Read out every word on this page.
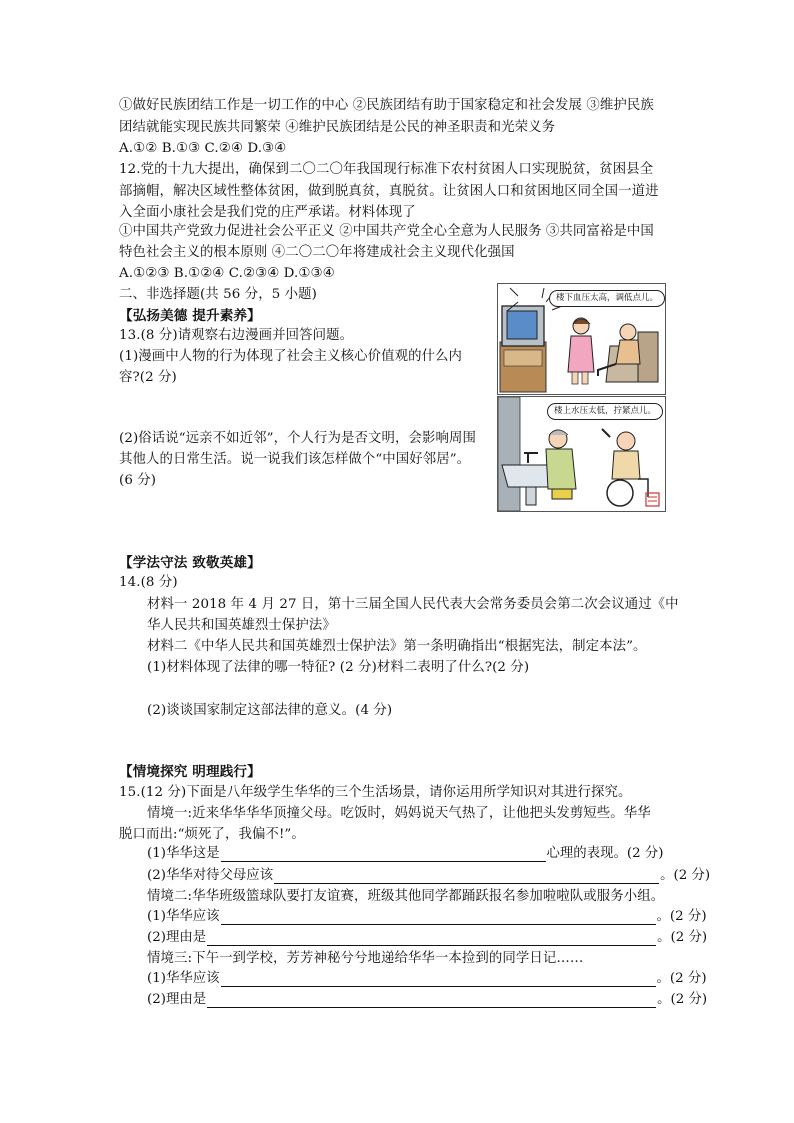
①做好民族团结工作是一切工作的中心 ②民族团结有助于国家稳定和社会发展 ③维护民族
团结就能实现民族共同繁荣 ④维护民族团结是公民的神圣职责和光荣义务
A.①② B.①③ C.②④ D.③④
12.党的十九大提出，确保到二〇二〇年我国现行标准下农村贫困人口实现脱贫，贫困县全
部摘帽，解决区域性整体贫困，做到脱真贫，真脱贫。让贫困人口和贫困地区同全国一道进
入全面小康社会是我们党的庄严承诺。材料体现了
①中国共产党致力促进社会公平正义 ②中国共产党全心全意为人民服务 ③共同富裕是中国
特色社会主义的根本原则 ④二〇二〇年将建成社会主义现代化强国
A.①②③ B.①②④ C.②③④ D.①③④
二、非选择题(共 56 分，5 小题)
【弘扬美德 提升素养】
13.(8 分)请观察右边漫画并回答问题。
(1)漫画中人物的行为体现了社会主义核心价值观的什么内
容?(2 分)
(2)俗话说“远亲不如近邻”，个人行为是否文明，会影响周围
其他人的日常生活。说一说我们该怎样做个“中国好邻居”。
(6 分)
楼下血压太高，调低点儿。
楼上水压太低，拧紧点儿。
【学法守法 致敬英雄】
14.(8 分)
材料一 2018 年 4 月 27 日，第十三届全国人民代表大会常务委员会第二次会议通过《中
华人民共和国英雄烈士保护法》
材料二《中华人民共和国英雄烈士保护法》第一条明确指出“根据宪法，制定本法”。
(1)材料体现了法律的哪一特征? (2 分)材料二表明了什么?(2 分)
(2)谈谈国家制定这部法律的意义。(4 分)
【情境探究 明理践行】
15.(12 分)下面是八年级学生华华的三个生活场景，请你运用所学知识对其进行探究。
情境一:近来华华华华顶撞父母。吃饭时，妈妈说天气热了，让他把头发剪短些。华华
脱口而出:“烦死了，我偏不!”。
(1)华华这是	心理的表现。(2 分)
(2)华华对待父母应该	。(2 分)
情境二:华华班级篮球队要打友谊赛，班级其他同学都踊跃报名参加啦啦队或服务小组。
(1)华华应该	。(2 分)
(2)理由是	。(2 分)
情境三:下午一到学校，芳芳神秘兮兮地递给华华一本捡到的同学日记……
(1)华华应该	。(2 分)
(2)理由是	。(2 分)
